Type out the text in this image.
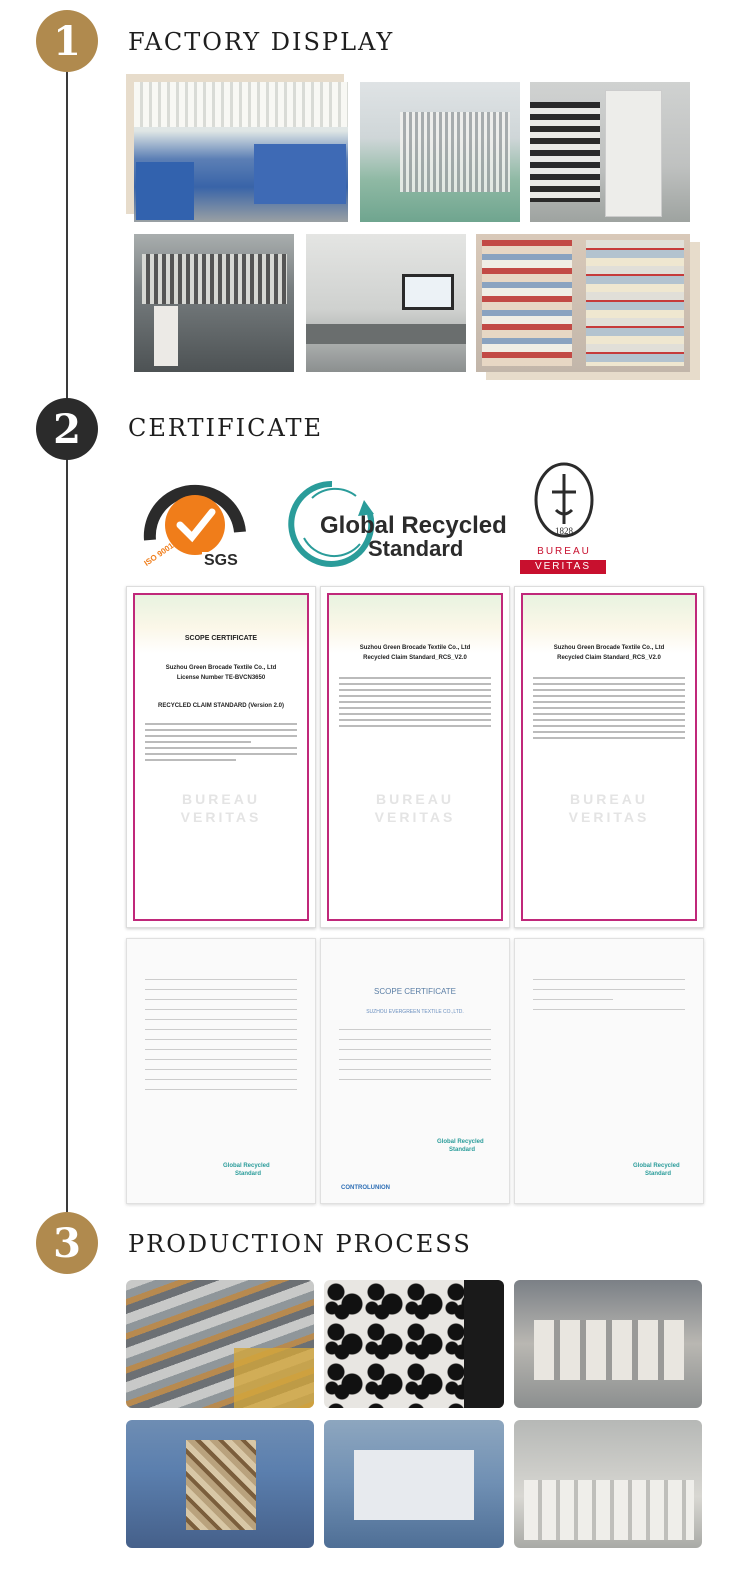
1 FACTORY DISPLAY
2 CERTIFICATE
SYSTEM CERTIFICATION
ISO 9001 SGS
Global Recycled
Standard
1828
BUREAU
VERITAS
SCOPE CERTIFICATE
Suzhou Green Brocade Textile Co., Ltd
License Number TE-BVCN3650
RECYCLED CLAIM STANDARD (Version 2.0)
BUREAU
VERITAS
Suzhou Green Brocade Textile Co., Ltd
Recycled Claim Standard_RCS_V2.0
BUREAU
VERITAS
Suzhou Green Brocade Textile Co., Ltd
Recycled Claim Standard_RCS_V2.0
BUREAU
VERITAS
Global Recycled
Standard
SCOPE CERTIFICATE
SUZHOU EVERGREEN TEXTILE CO.,LTD.
Global Recycled
Standard
CONTROLUNION
Global Recycled
Standard
3 PRODUCTION PROCESS
